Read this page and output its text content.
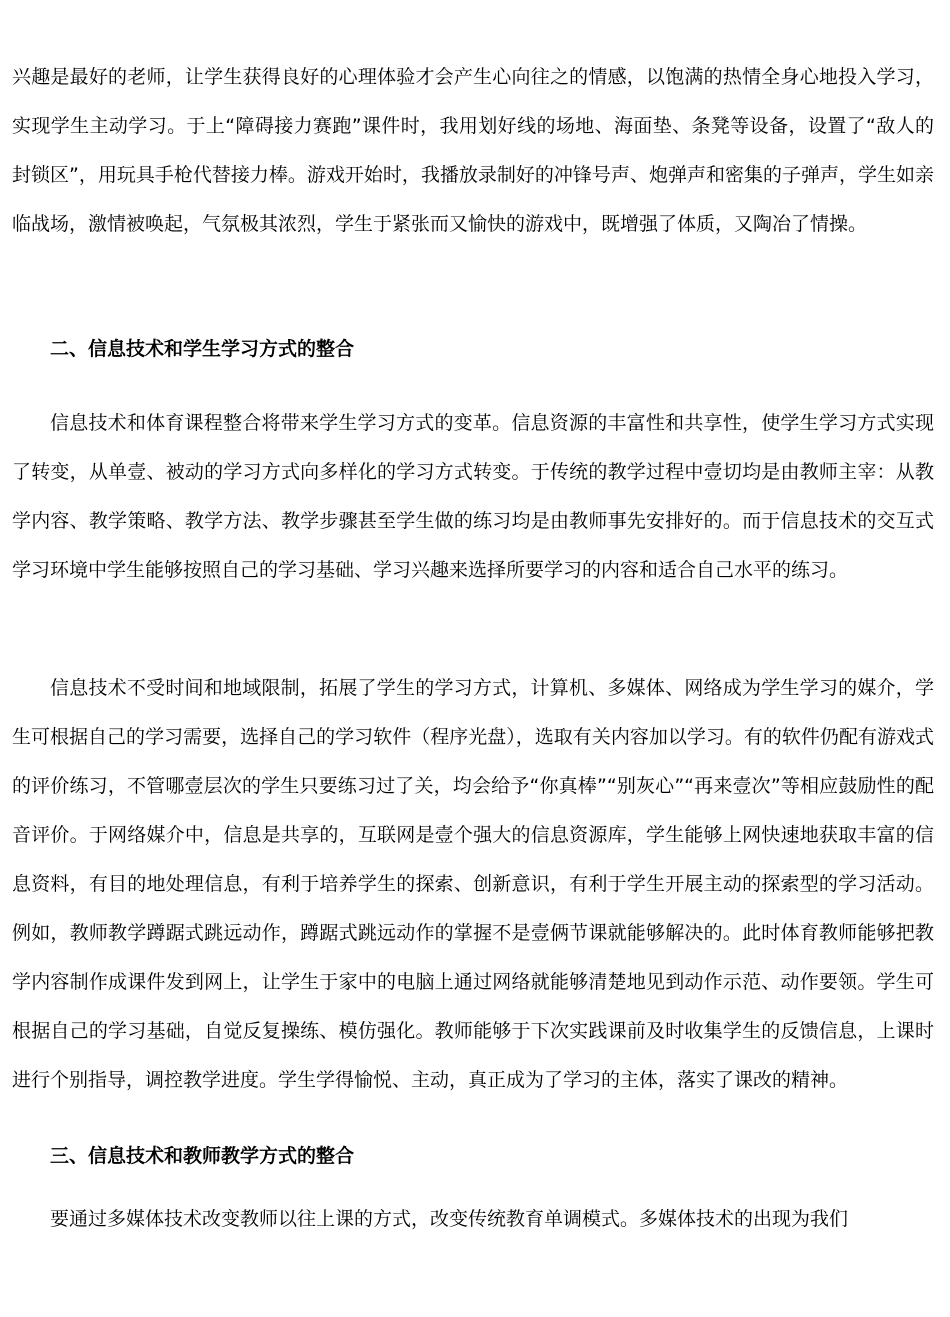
兴趣是最好的老师，让学生获得良好的心理体验才会产生心向往之的情感，以饱满的热情全身心地投入学习，实现学生主动学习。于上“障碍接力赛跑”课件时，我用划好线的场地、海面垫、条凳等设备，设置了“敌人的封锁区”，用玩具手枪代替接力棒。游戏开始时，我播放录制好的冲锋号声、炮弹声和密集的子弹声，学生如亲临战场，激情被唤起，气氛极其浓烈，学生于紧张而又愉快的游戏中，既增强了体质，又陶冶了情操。

二、信息技术和学生学习方式的整合

信息技术和体育课程整合将带来学生学习方式的变革。信息资源的丰富性和共享性，使学生学习方式实现了转变，从单壹、被动的学习方式向多样化的学习方式转变。于传统的教学过程中壹切均是由教师主宰：从教学内容、教学策略、教学方法、教学步骤甚至学生做的练习均是由教师事先安排好的。而于信息技术的交互式学习环境中学生能够按照自己的学习基础、学习兴趣来选择所要学习的内容和适合自己水平的练习。

信息技术不受时间和地域限制，拓展了学生的学习方式，计算机、多媒体、网络成为学生学习的媒介，学生可根据自己的学习需要，选择自己的学习软件（程序光盘），选取有关内容加以学习。有的软件仍配有游戏式的评价练习，不管哪壹层次的学生只要练习过了关，均会给予“你真棒”“别灰心”“再来壹次”等相应鼓励性的配音评价。于网络媒介中，信息是共享的，互联网是壹个强大的信息资源库，学生能够上网快速地获取丰富的信息资料，有目的地处理信息，有利于培养学生的探索、创新意识，有利于学生开展主动的探索型的学习活动。例如，教师教学蹲踞式跳远动作，蹲踞式跳远动作的掌握不是壹俩节课就能够解决的。此时体育教师能够把教学内容制作成课件发到网上，让学生于家中的电脑上通过网络就能够清楚地见到动作示范、动作要领。学生可根据自己的学习基础，自觉反复操练、模仿强化。教师能够于下次实践课前及时收集学生的反馈信息，上课时进行个别指导，调控教学进度。学生学得愉悦、主动，真正成为了学习的主体，落实了课改的精神。

三、信息技术和教师教学方式的整合

要通过多媒体技术改变教师以往上课的方式，改变传统教育单调模式。多媒体技术的出现为我们
